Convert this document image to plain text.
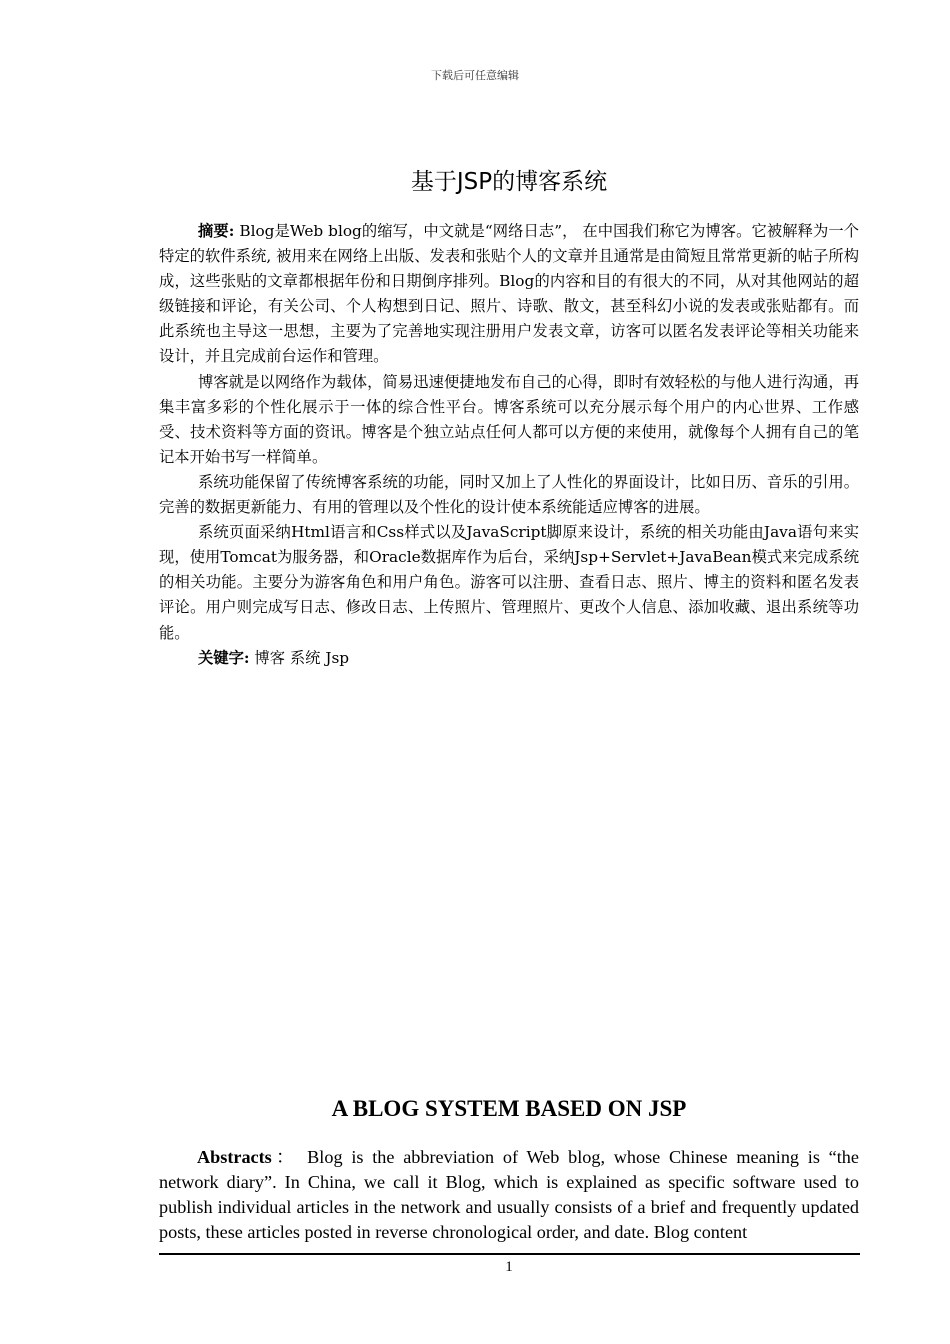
下载后可任意编辑
基于JSP的博客系统

摘要: Blog是Web blog的缩写，中文就是“网络日志”， 在中国我们称它为博客。它被解释为一个特定的软件系统, 被用来在网络上出版、发表和张贴个人的文章并且通常是由简短且常常更新的帖子所构成，这些张贴的文章都根据年份和日期倒序排列。Blog的内容和目的有很大的不同，从对其他网站的超级链接和评论，有关公司、个人构想到日记、照片、诗歌、散文，甚至科幻小说的发表或张贴都有。而此系统也主导这一思想，主要为了完善地实现注册用户发表文章，访客可以匿名发表评论等相关功能来设计，并且完成前台运作和管理。

博客就是以网络作为载体，简易迅速便捷地发布自己的心得，即时有效轻松的与他人进行沟通，再集丰富多彩的个性化展示于一体的综合性平台。博客系统可以充分展示每个用户的内心世界、工作感受、技术资料等方面的资讯。博客是个独立站点任何人都可以方便的来使用，就像每个人拥有自己的笔记本开始书写一样简单。

系统功能保留了传统博客系统的功能，同时又加上了人性化的界面设计，比如日历、音乐的引用。完善的数据更新能力、有用的管理以及个性化的设计使本系统能适应博客的进展。

系统页面采纳Html语言和Css样式以及JavaScript脚原来设计，系统的相关功能由Java语句来实现，使用Tomcat为服务器，和Oracle数据库作为后台，采纳Jsp+Servlet+JavaBean模式来完成系统的相关功能。主要分为游客角色和用户角色。游客可以注册、查看日志、照片、博主的资料和匿名发表评论。用户则完成写日志、修改日志、上传照片、管理照片、更改个人信息、添加收藏、退出系统等功能。

关键字: 博客 系统 Jsp

A BLOG SYSTEM BASED ON JSP

Abstracts： Blog is the abbreviation of Web blog, whose Chinese meaning is “the network diary”. In China, we call it Blog, which is explained as specific software used to publish individual articles in the network and usually consists of a brief and frequently updated posts, these articles posted in reverse chronological order, and date. Blog content

1
